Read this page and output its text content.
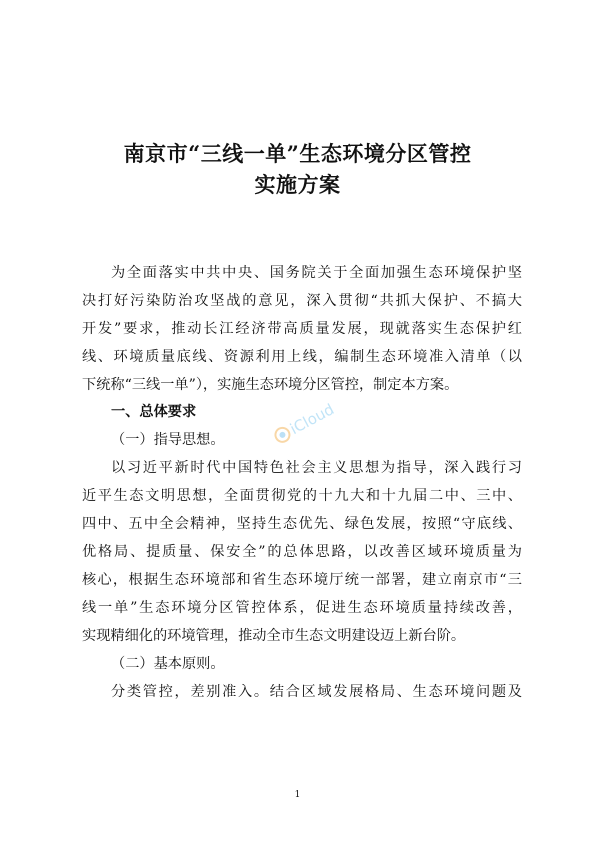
南京市“三线一单”生态环境分区管控
实施方案

为全面落实中共中央、国务院关于全面加强生态环境保护坚

决打好污染防治攻坚战的意见，深入贯彻“共抓大保护、不搞大

开发”要求，推动长江经济带高质量发展，现就落实生态保护红

线、环境质量底线、资源利用上线，编制生态环境准入清单（以

下统称“三线一单”），实施生态环境分区管控，制定本方案。

一、总体要求

（一）指导思想。

以习近平新时代中国特色社会主义思想为指导，深入践行习

近平生态文明思想，全面贯彻党的十九大和十九届二中、三中、

四中、五中全会精神，坚持生态优先、绿色发展，按照“守底线、

优格局、提质量、保安全”的总体思路，以改善区域环境质量为

核心，根据生态环境部和省生态环境厅统一部署，建立南京市“三

线一单”生态环境分区管控体系，促进生态环境质量持续改善，

实现精细化的环境管理，推动全市生态文明建设迈上新台阶。

（二）基本原则。

分类管控，差别准入。结合区域发展格局、生态环境问题及

iCloud
1
